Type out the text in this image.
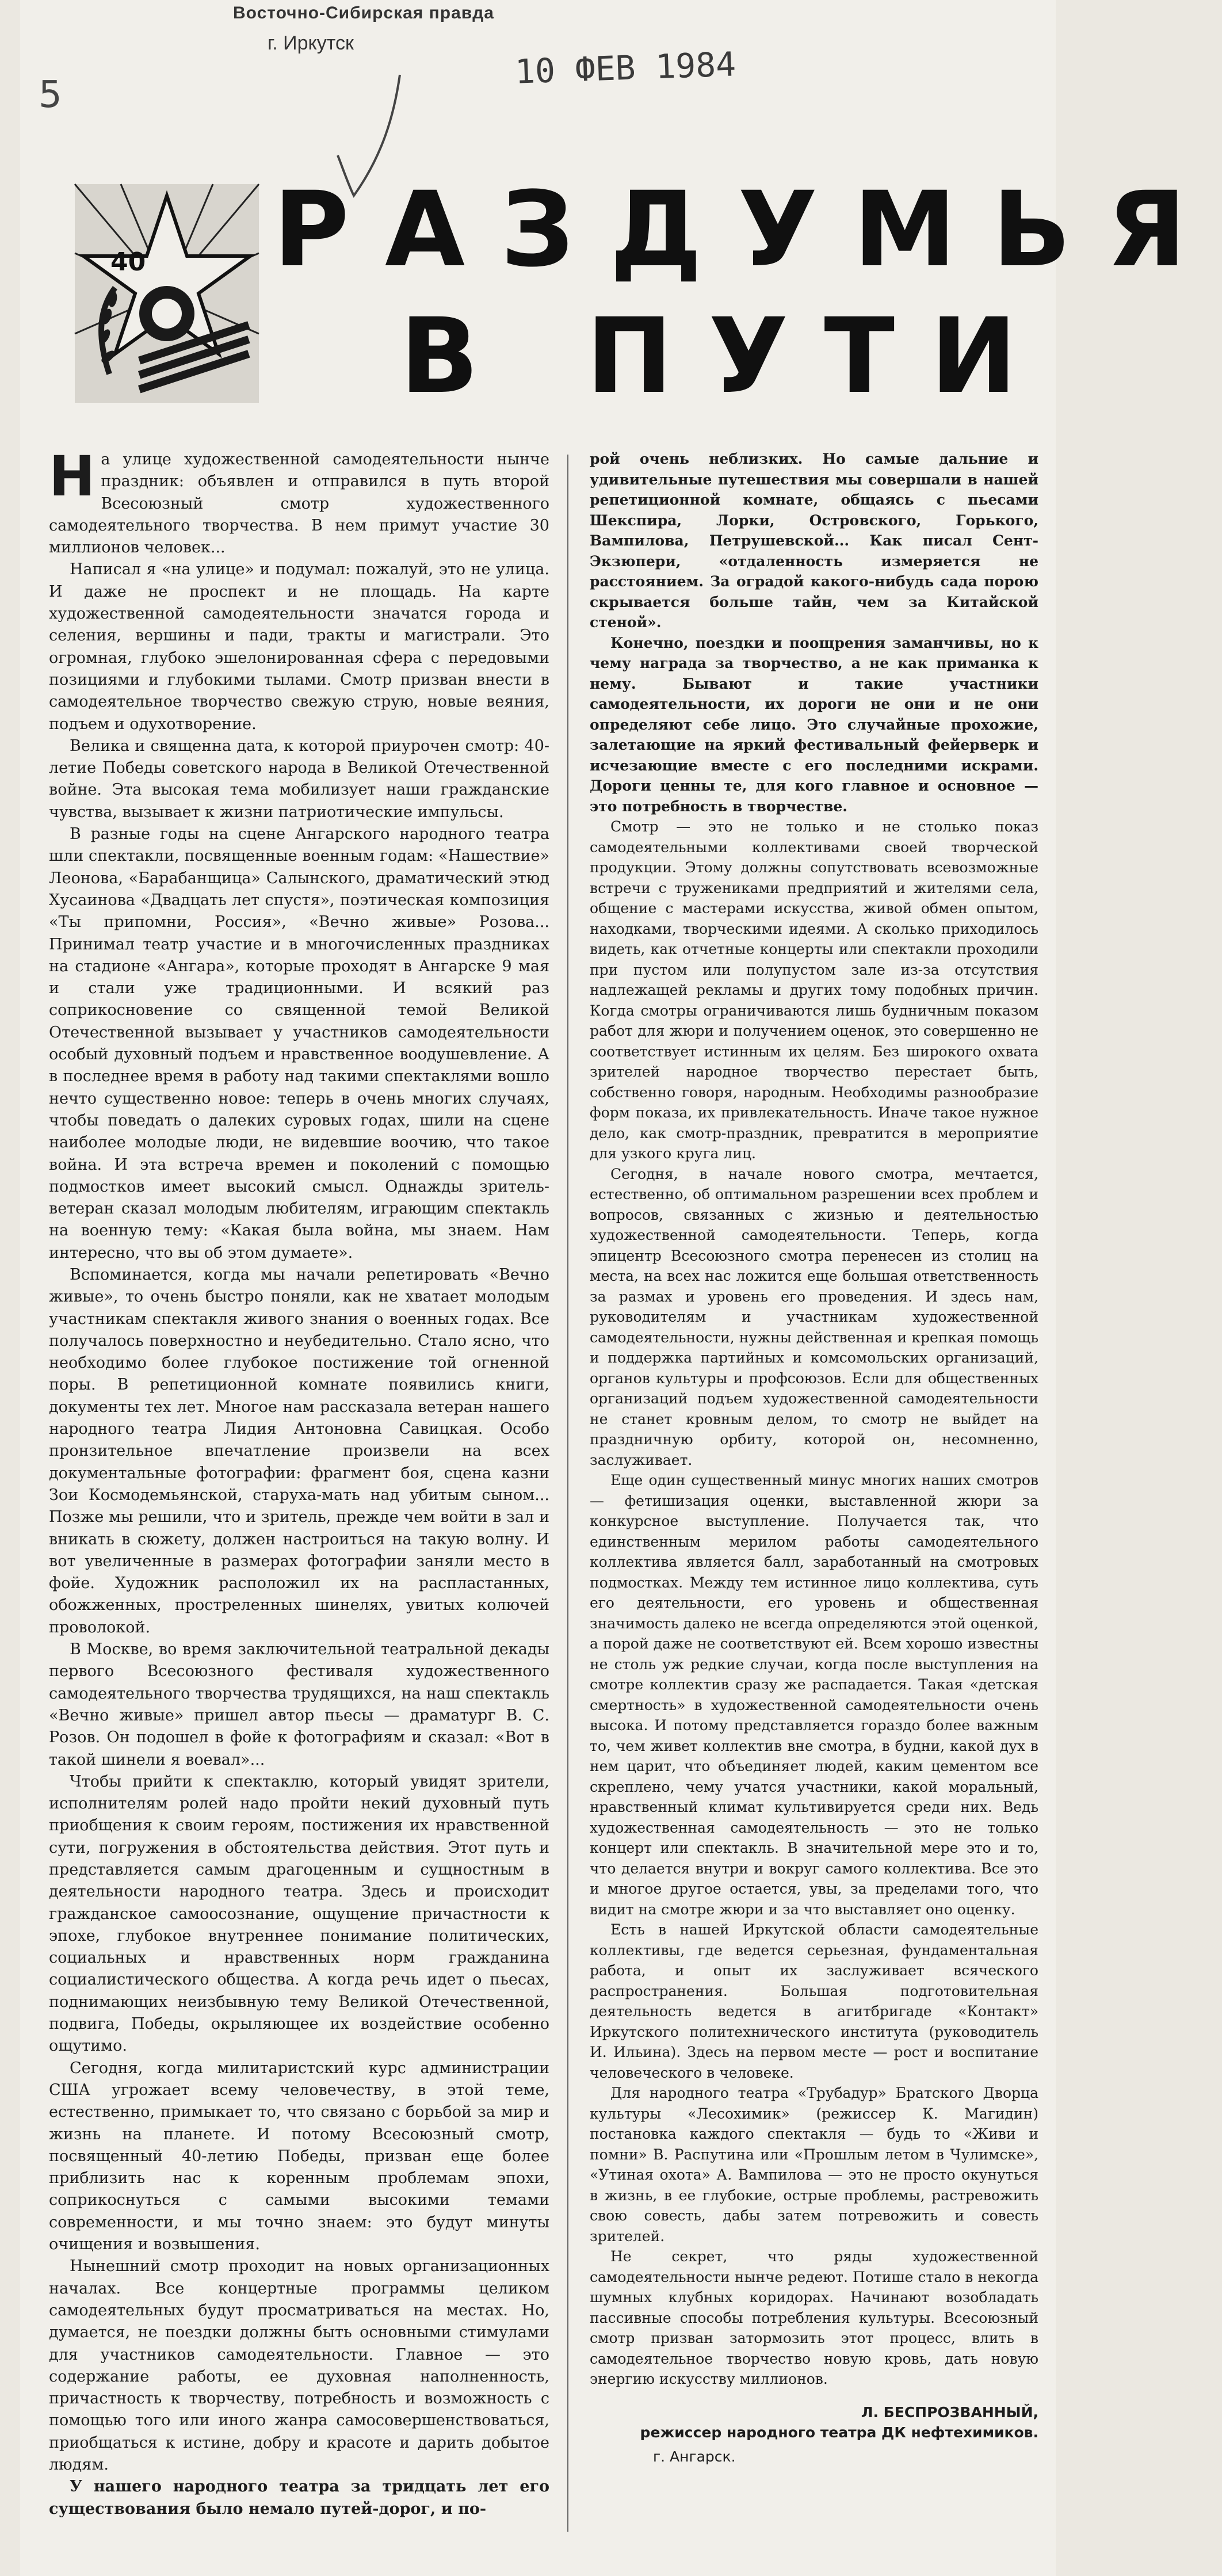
Восточно-Сибирская правда
г. Иркутск
10 ФЕВ 1984
5
40 РАЗДУМЬЯ
В ПУТИ

На улице художественной самодеятельности нынче праздник: объявлен и отправился в путь второй Всесоюзный смотр художественного самодеятельного творчества. В нем примут участие 30 миллионов человек...

Написал я «на улице» и подумал: пожалуй, это не улица. И даже не проспект и не площадь. На карте художественной самодеятельности значатся города и селения, вершины и пади, тракты и магистрали. Это огромная, глубоко эшелонированная сфера с передовыми позициями и глубокими тылами. Смотр призван внести в самодеятельное творчество свежую струю, новые веяния, подъем и одухотворение.

Велика и священна дата, к которой приурочен смотр: 40-летие Победы советского народа в Великой Отечественной войне. Эта высокая тема мобилизует наши гражданские чувства, вызывает к жизни патриотические импульсы.

В разные годы на сцене Ангарского народного театра шли спектакли, посвященные военным годам: «Нашествие» Леонова, «Барабанщица» Салынского, драматический этюд Хусаинова «Двадцать лет спустя», поэтическая композиция «Ты припомни, Россия», «Вечно живые» Розова... Принимал театр участие и в многочисленных праздниках на стадионе «Ангара», которые проходят в Ангарске 9 мая и стали уже традиционными. И всякий раз соприкосновение со священной темой Великой Отечественной вызывает у участников самодеятельности особый духовный подъем и нравственное воодушевление. А в последнее время в работу над такими спектаклями вошло нечто существенно новое: теперь в очень многих случаях, чтобы поведать о далеких суровых годах, шили на сцене наиболее молодые люди, не видевшие воочию, что такое война. И эта встреча времен и поколений с помощью подмостков имеет высокий смысл. Однажды зритель-ветеран сказал молодым любителям, играющим спектакль на военную тему: «Какая была война, мы знаем. Нам интересно, что вы об этом думаете».

Вспоминается, когда мы начали репетировать «Вечно живые», то очень быстро поняли, как не хватает молодым участникам спектакля живого знания о военных годах. Все получалось поверхностно и неубедительно. Стало ясно, что необходимо более глубокое постижение той огненной поры. В репетиционной комнате появились книги, документы тех лет. Многое нам рассказала ветеран нашего народного театра Лидия Антоновна Савицкая. Особо пронзительное впечатление произвели на всех документальные фотографии: фрагмент боя, сцена казни Зои Космодемьянской, старуха-мать над убитым сыном... Позже мы решили, что и зритель, прежде чем войти в зал и вникать в сюжету, должен настроиться на такую волну. И вот увеличенные в размерах фотографии заняли место в фойе. Художник расположил их на распластанных, обожженных, простреленных шинелях, увитых колючей проволокой.

В Москве, во время заключительной театральной декады первого Всесоюзного фестиваля художественного самодеятельного творчества трудящихся, на наш спектакль «Вечно живые» пришел автор пьесы — драматург В. С. Розов. Он подошел в фойе к фотографиям и сказал: «Вот в такой шинели я воевал»...

Чтобы прийти к спектаклю, который увидят зрители, исполнителям ролей надо пройти некий духовный путь приобщения к своим героям, постижения их нравственной сути, погружения в обстоятельства действия. Этот путь и представляется самым драгоценным и сущностным в деятельности народного театра. Здесь и происходит гражданское самоосознание, ощущение причастности к эпохе, глубокое внутреннее понимание политических, социальных и нравственных норм гражданина социалистического общества. А когда речь идет о пьесах, поднимающих неизбывную тему Великой Отечественной, подвига, Победы, окрыляющее их воздействие особенно ощутимо.

Сегодня, когда милитаристский курс администрации США угрожает всему человечеству, в этой теме, естественно, примыкает то, что связано с борьбой за мир и жизнь на планете. И потому Всесоюзный смотр, посвященный 40-летию Победы, призван еще более приблизить нас к коренным проблемам эпохи, соприкоснуться с самыми высокими темами современности, и мы точно знаем: это будут минуты очищения и возвышения.

Нынешний смотр проходит на новых организационных началах. Все концертные программы целиком самодеятельных будут просматриваться на местах. Но, думается, не поездки должны быть основными стимулами для участников самодеятельности. Главное — это содержание работы, ее духовная наполненность, причастность к творчеству, потребность и возможность с помощью того или иного жанра самосовершенствоваться, приобщаться к истине, добру и красоте и дарить добытое людям.

У нашего народного театра за тридцать лет его существования было немало путей-дорог, и по-

рой очень неблизких. Но самые дальние и удивительные путешествия мы совершали в нашей репетиционной комнате, общаясь с пьесами Шекспира, Лорки, Островского, Горького, Вампилова, Петрушевской... Как писал Сент-Экзюпери, «отдаленность измеряется не расстоянием. За оградой какого-нибудь сада порою скрывается больше тайн, чем за Китайской стеной».

Конечно, поездки и поощрения заманчивы, но к чему награда за творчество, а не как приманка к нему. Бывают и такие участники самодеятельности, их дороги не они и не они определяют себе лицо. Это случайные прохожие, залетающие на яркий фестивальный фейерверк и исчезающие вместе с его последними искрами. Дороги ценны те, для кого главное и основное — это потребность в творчестве.

Смотр — это не только и не столько показ самодеятельными коллективами своей творческой продукции. Этому должны сопутствовать всевозможные встречи с тружениками предприятий и жителями села, общение с мастерами искусства, живой обмен опытом, находками, творческими идеями. А сколько приходилось видеть, как отчетные концерты или спектакли проходили при пустом или полупустом зале из-за отсутствия надлежащей рекламы и других тому подобных причин. Когда смотры ограничиваются лишь будничным показом работ для жюри и получением оценок, это совершенно не соответствует истинным их целям. Без широкого охвата зрителей народное творчество перестает быть, собственно говоря, народным. Необходимы разнообразие форм показа, их привлекательность. Иначе такое нужное дело, как смотр-праздник, превратится в мероприятие для узкого круга лиц.

Сегодня, в начале нового смотра, мечтается, естественно, об оптимальном разрешении всех проблем и вопросов, связанных с жизнью и деятельностью художественной самодеятельности. Теперь, когда эпицентр Всесоюзного смотра перенесен из столиц на места, на всех нас ложится еще большая ответственность за размах и уровень его проведения. И здесь нам, руководителям и участникам художественной самодеятельности, нужны действенная и крепкая помощь и поддержка партийных и комсомольских организаций, органов культуры и профсоюзов. Если для общественных организаций подъем художественной самодеятельности не станет кровным делом, то смотр не выйдет на праздничную орбиту, которой он, несомненно, заслуживает.

Еще один существенный минус многих наших смотров — фетишизация оценки, выставленной жюри за конкурсное выступление. Получается так, что единственным мерилом работы самодеятельного коллектива является балл, заработанный на смотровых подмостках. Между тем истинное лицо коллектива, суть его деятельности, его уровень и общественная значимость далеко не всегда определяются этой оценкой, а порой даже не соответствуют ей. Всем хорошо известны не столь уж редкие случаи, когда после выступления на смотре коллектив сразу же распадается. Такая «детская смертность» в художественной самодеятельности очень высока. И потому представляется гораздо более важным то, чем живет коллектив вне смотра, в будни, какой дух в нем царит, что объединяет людей, каким цементом все скреплено, чему учатся участники, какой моральный, нравственный климат культивируется среди них. Ведь художественная самодеятельность — это не только концерт или спектакль. В значительной мере это и то, что делается внутри и вокруг самого коллектива. Все это и многое другое остается, увы, за пределами того, что видит на смотре жюри и за что выставляет оно оценку.

Есть в нашей Иркутской области самодеятельные коллективы, где ведется серьезная, фундаментальная работа, и опыт их заслуживает всяческого распространения. Большая подготовительная деятельность ведется в агитбригаде «Контакт» Иркутского политехнического института (руководитель И. Ильина). Здесь на первом месте — рост и воспитание человеческого в человеке.

Для народного театра «Трубадур» Братского Дворца культуры «Лесохимик» (режиссер К. Магидин) постановка каждого спектакля — будь то «Живи и помни» В. Распутина или «Прошлым летом в Чулимске», «Утиная охота» А. Вампилова — это не просто окунуться в жизнь, в ее глубокие, острые проблемы, растревожить свою совесть, дабы затем потревожить и совесть зрителей.

Не секрет, что ряды художественной самодеятельности нынче редеют. Потише стало в некогда шумных клубных коридорах. Начинают возобладать пассивные способы потребления культуры. Всесоюзный смотр призван затормозить этот процесс, влить в самодеятельное творчество новую кровь, дать новую энергию искусству миллионов.

Л. БЕСПРОЗВАННЫЙ,
режиссер народного театра ДК нефтехимиков.
г. Ангарск.
